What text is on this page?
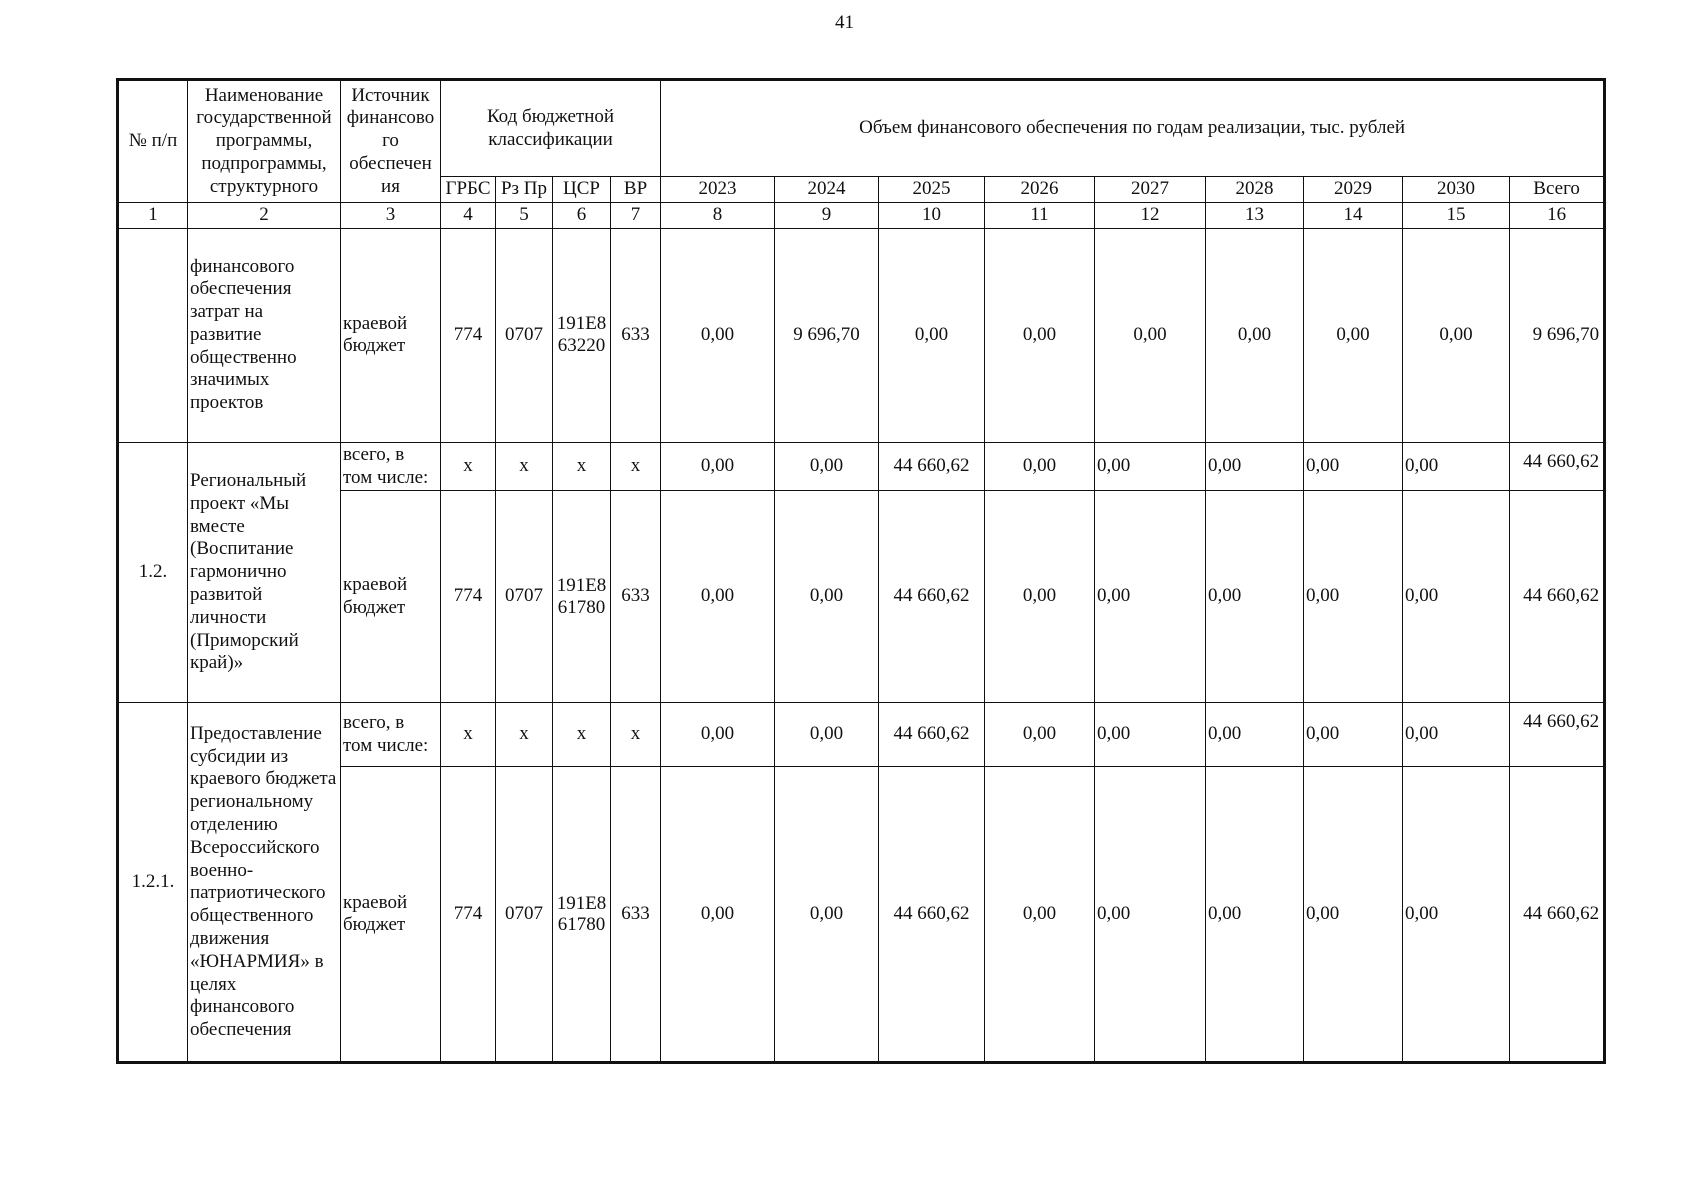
41
№ п/п	Наименование государственной программы, подпрограммы, структурного	Источник финансово го обеспечен ия	Код бюджетной классификации				Объем финансового обеспечения по годам реализации, тыс. рублей								
			ГРБС	Рз Пр	ЦСР	ВР	2023	2024	2025	2026	2027	2028	2029	2030	Всего
1	2	3	4	5	6	7	8	9	10	11	12	13	14	15	16
	финансового обеспечения затрат на развитие общественно значимых проектов	краевой бюджет	774	0707	191E8 63220	633	0,00	9 696,70	0,00	0,00	0,00	0,00	0,00	0,00	9 696,70
1.2.	Региональный проект «Мы вместе (Воспитание гармонично развитой личности (Приморский край)»	всего, в том числе:	x	x	x	x	0,00	0,00	44 660,62	0,00	0,00	0,00	0,00	0,00	44 660,62
		краевой бюджет	774	0707	191E8 61780	633	0,00	0,00	44 660,62	0,00	0,00	0,00	0,00	0,00	44 660,62
1.2.1.	Предоставление субсидии из краевого бюджета региональному отделению Всероссийского военно-патриотического общественного движения «ЮНАРМИЯ» в целях финансового обеспечения	всего, в том числе:	x	x	x	x	0,00	0,00	44 660,62	0,00	0,00	0,00	0,00	0,00	44 660,62
		краевой бюджет	774	0707	191E8 61780	633	0,00	0,00	44 660,62	0,00	0,00	0,00	0,00	0,00	44 660,62
